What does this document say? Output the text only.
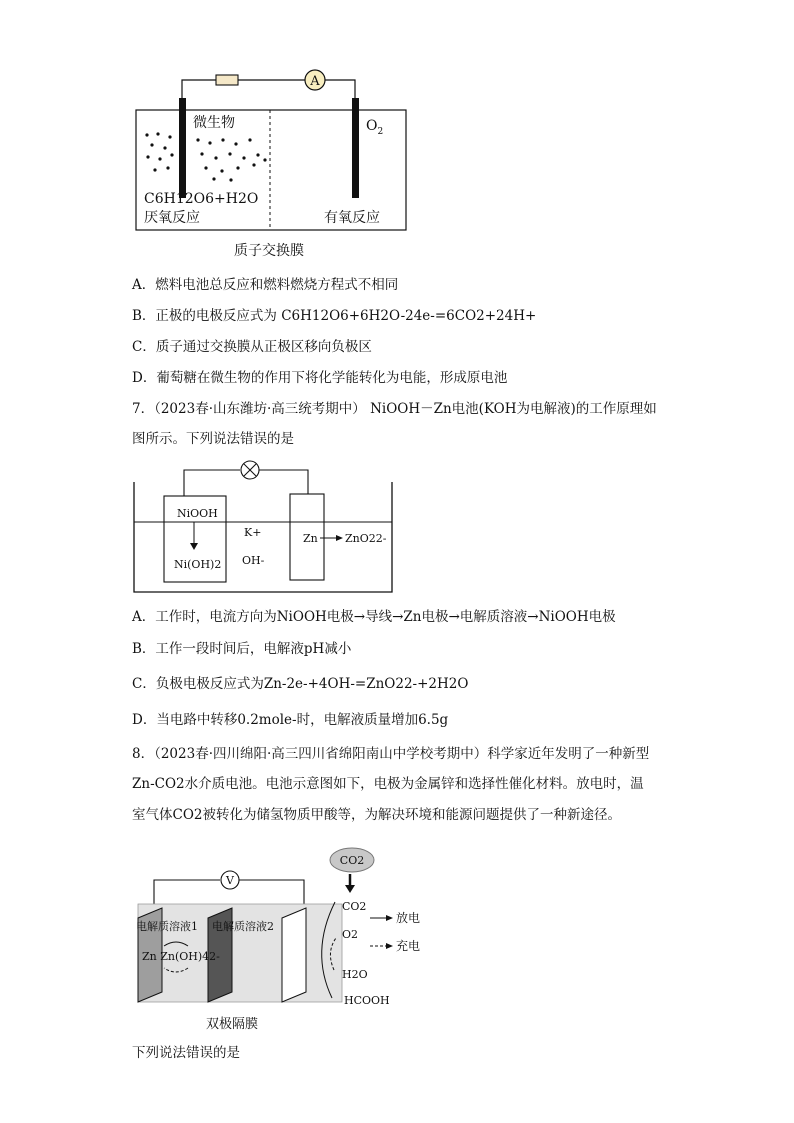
A
微生物	$O_2$
C6H12O6+H2O
厌氧反应	有氧反应
质子交换膜
A．燃料电池总反应和燃料燃烧方程式不相同
B．正极的电极反应式为 C6H12O6+6H2O-24e-=6CO2+24H+
C．质子通过交换膜从正极区移向负极区
D．葡萄糖在微生物的作用下将化学能转化为电能，形成原电池
7．（2023春·山东潍坊·高三统考期中） NiOOH－Zn电池(KOH为电解液)的工作原理如
图所示。下列说法错误的是
NiOOH
Ni(OH)2
K+
OH-
Zn ZnO22-
A．工作时，电流方向为NiOOH电极→导线→Zn电极→电解质溶液→NiOOH电极
B．工作一段时间后，电解液pH减小
C．负极电极反应式为Zn-2e-+4OH-=ZnO22-+2H2O
D．当电路中转移0.2mole-时，电解液质量增加6.5g
8．（2023春·四川绵阳·高三四川省绵阳南山中学校考期中）科学家近年发明了一种新型
Zn-CO2水介质电池。电池示意图如下，电极为金属锌和选择性催化材料。放电时，温
室气体CO2被转化为储氢物质甲酸等，为解决环境和能源问题提供了一种新途径。
V
电解质溶液1 电解质溶液2
Zn Zn(OH)42-
CO2
CO2
放电
充电
O2
H2O
HCOOH
双极隔膜
下列说法错误的是
